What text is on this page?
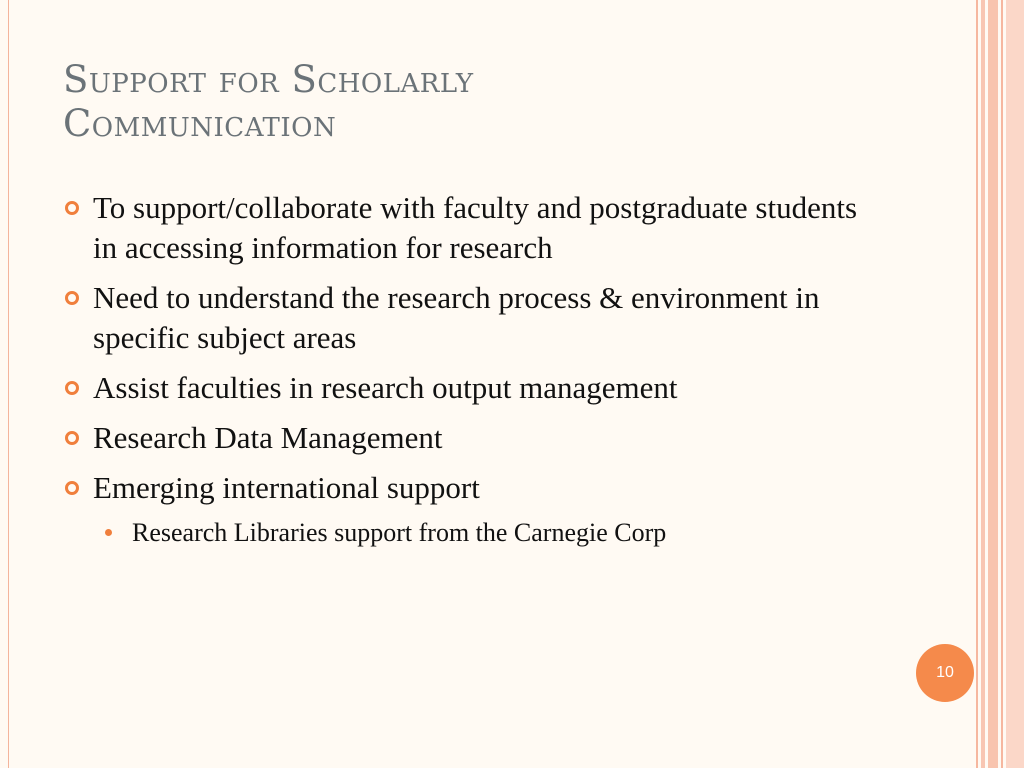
Support for Scholarly
Communication
To support/collaborate with faculty and postgraduate students in accessing information for research
Need to understand the research process & environment in specific subject areas
Assist faculties in research output management
Research Data Management
Emerging international support
Research Libraries support from the Carnegie Corp
10
